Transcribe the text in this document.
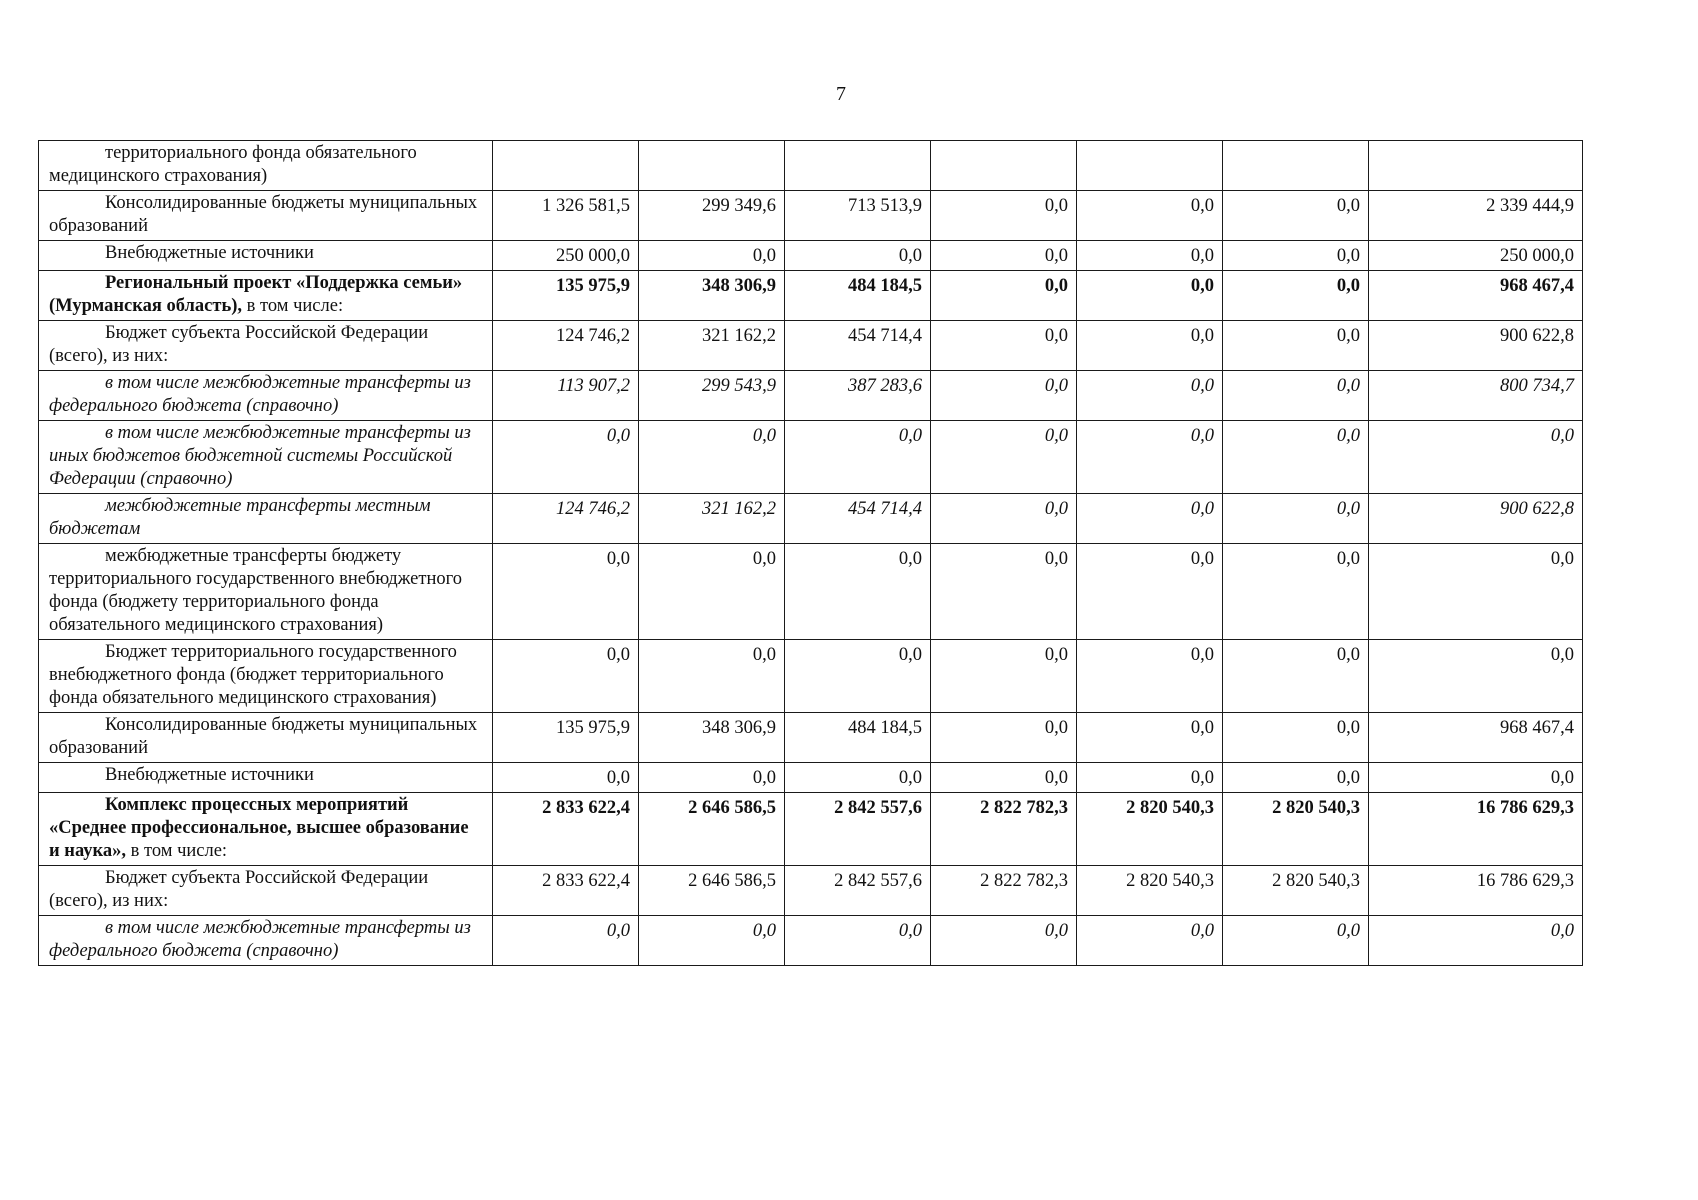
7
территориального фонда обязательного медицинского страхования)							
Консолидированные бюджеты муниципальных образований	1 326 581,5	299 349,6	713 513,9	0,0	0,0	0,0	2 339 444,9
Внебюджетные источники	250 000,0	0,0	0,0	0,0	0,0	0,0	250 000,0
Региональный проект «Поддержка семьи» (Мурманская область), в том числе:	135 975,9	348 306,9	484 184,5	0,0	0,0	0,0	968 467,4
Бюджет субъекта Российской Федерации (всего), из них:	124 746,2	321 162,2	454 714,4	0,0	0,0	0,0	900 622,8
в том числе межбюджетные трансферты из федерального бюджета (справочно)	113 907,2	299 543,9	387 283,6	0,0	0,0	0,0	800 734,7
в том числе межбюджетные трансферты из иных бюджетов бюджетной системы Российской Федерации (справочно)	0,0	0,0	0,0	0,0	0,0	0,0	0,0
межбюджетные трансферты местным бюджетам	124 746,2	321 162,2	454 714,4	0,0	0,0	0,0	900 622,8
межбюджетные трансферты бюджету территориального государственного внебюджетного фонда (бюджету территориального фонда обязательного медицинского страхования)	0,0	0,0	0,0	0,0	0,0	0,0	0,0
Бюджет территориального государственного внебюджетного фонда (бюджет территориального фонда обязательного медицинского страхования)	0,0	0,0	0,0	0,0	0,0	0,0	0,0
Консолидированные бюджеты муниципальных образований	135 975,9	348 306,9	484 184,5	0,0	0,0	0,0	968 467,4
Внебюджетные источники	0,0	0,0	0,0	0,0	0,0	0,0	0,0
Комплекс процессных мероприятий «Среднее профессиональное, высшее образование и наука», в том числе:	2 833 622,4	2 646 586,5	2 842 557,6	2 822 782,3	2 820 540,3	2 820 540,3	16 786 629,3
Бюджет субъекта Российской Федерации (всего), из них:	2 833 622,4	2 646 586,5	2 842 557,6	2 822 782,3	2 820 540,3	2 820 540,3	16 786 629,3
в том числе межбюджетные трансферты из федерального бюджета (справочно)	0,0	0,0	0,0	0,0	0,0	0,0	0,0
